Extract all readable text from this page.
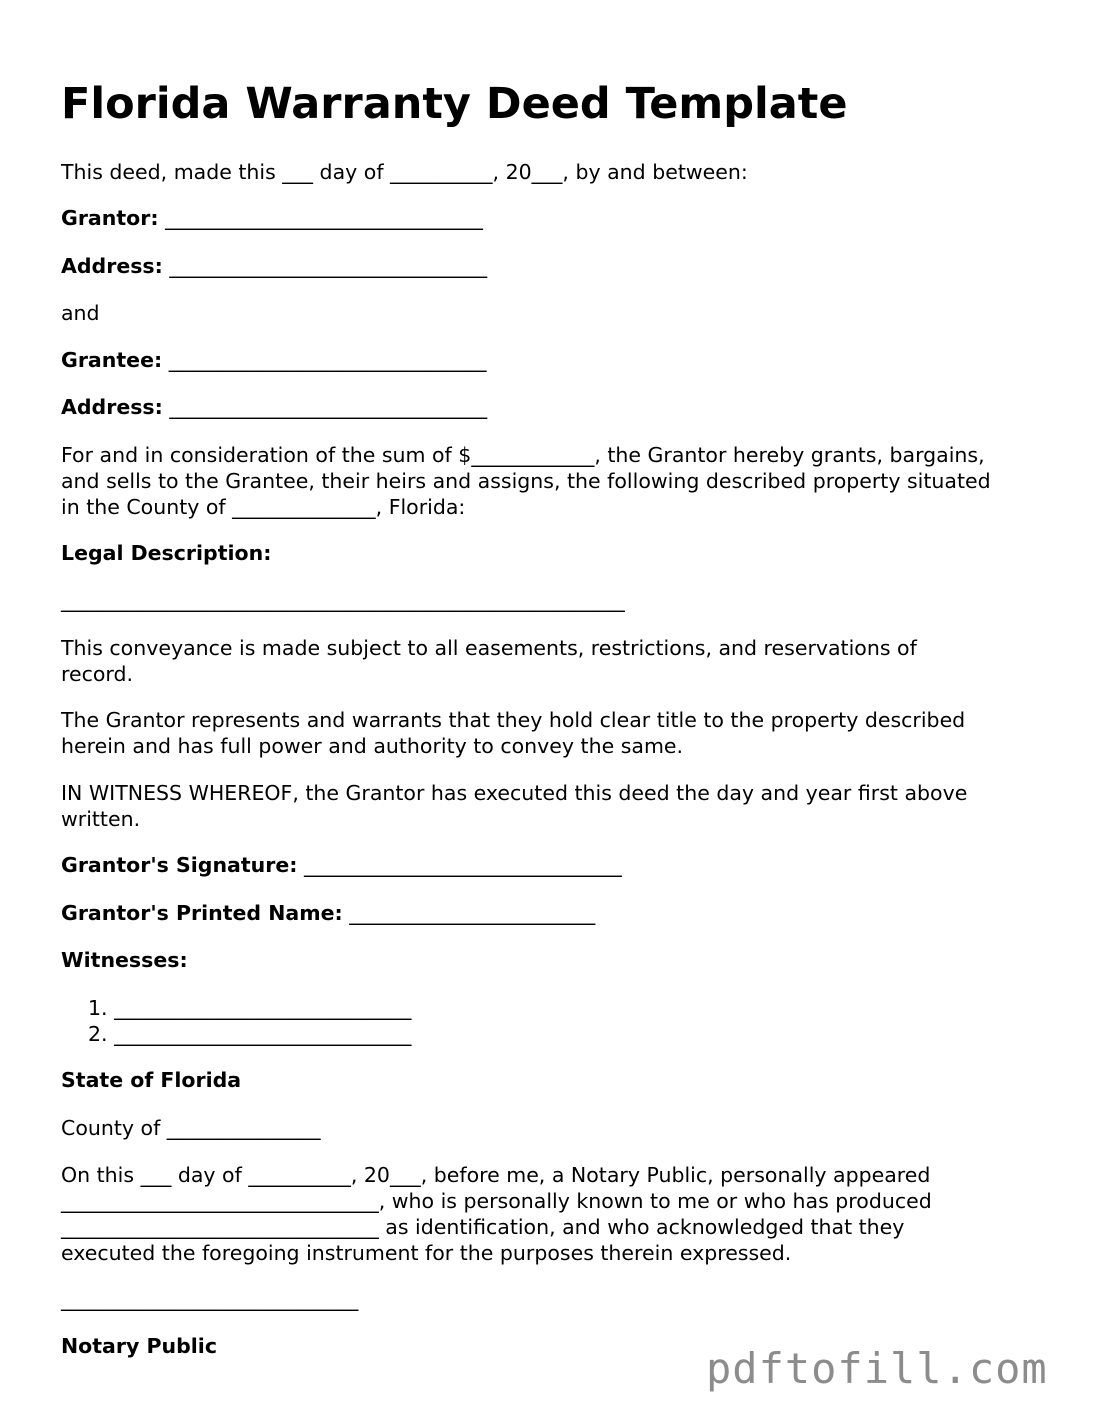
Florida Warranty Deed Template

This deed, made this ___ day of __________, 20___, by and between:

Grantor: _______________________________

Address: _______________________________

and

Grantee: _______________________________

Address: _______________________________

For and in consideration of the sum of $____________, the Grantor hereby grants, bargains,
and sells to the Grantee, their heirs and assigns, the following described property situated
in the County of ______________, Florida:

Legal Description:

_______________________________________________________

This conveyance is made subject to all easements, restrictions, and reservations of
record.
The Grantor represents and warrants that they hold clear title to the property described
herein and has full power and authority to convey the same.
IN WITNESS WHEREOF, the Grantor has executed this deed the day and year first above
written.

Grantor's Signature: _______________________________

Grantor's Printed Name: ________________________

Witnesses:

1. _____________________________
2. _____________________________

State of Florida

County of _______________

On this ___ day of __________, 20___, before me, a Notary Public, personally appeared
_______________________________, who is personally known to me or who has produced
_______________________________ as identification, and who acknowledged that they
executed the foregoing instrument for the purposes therein expressed.

_____________________________

Notary Public	pdftofill.com
